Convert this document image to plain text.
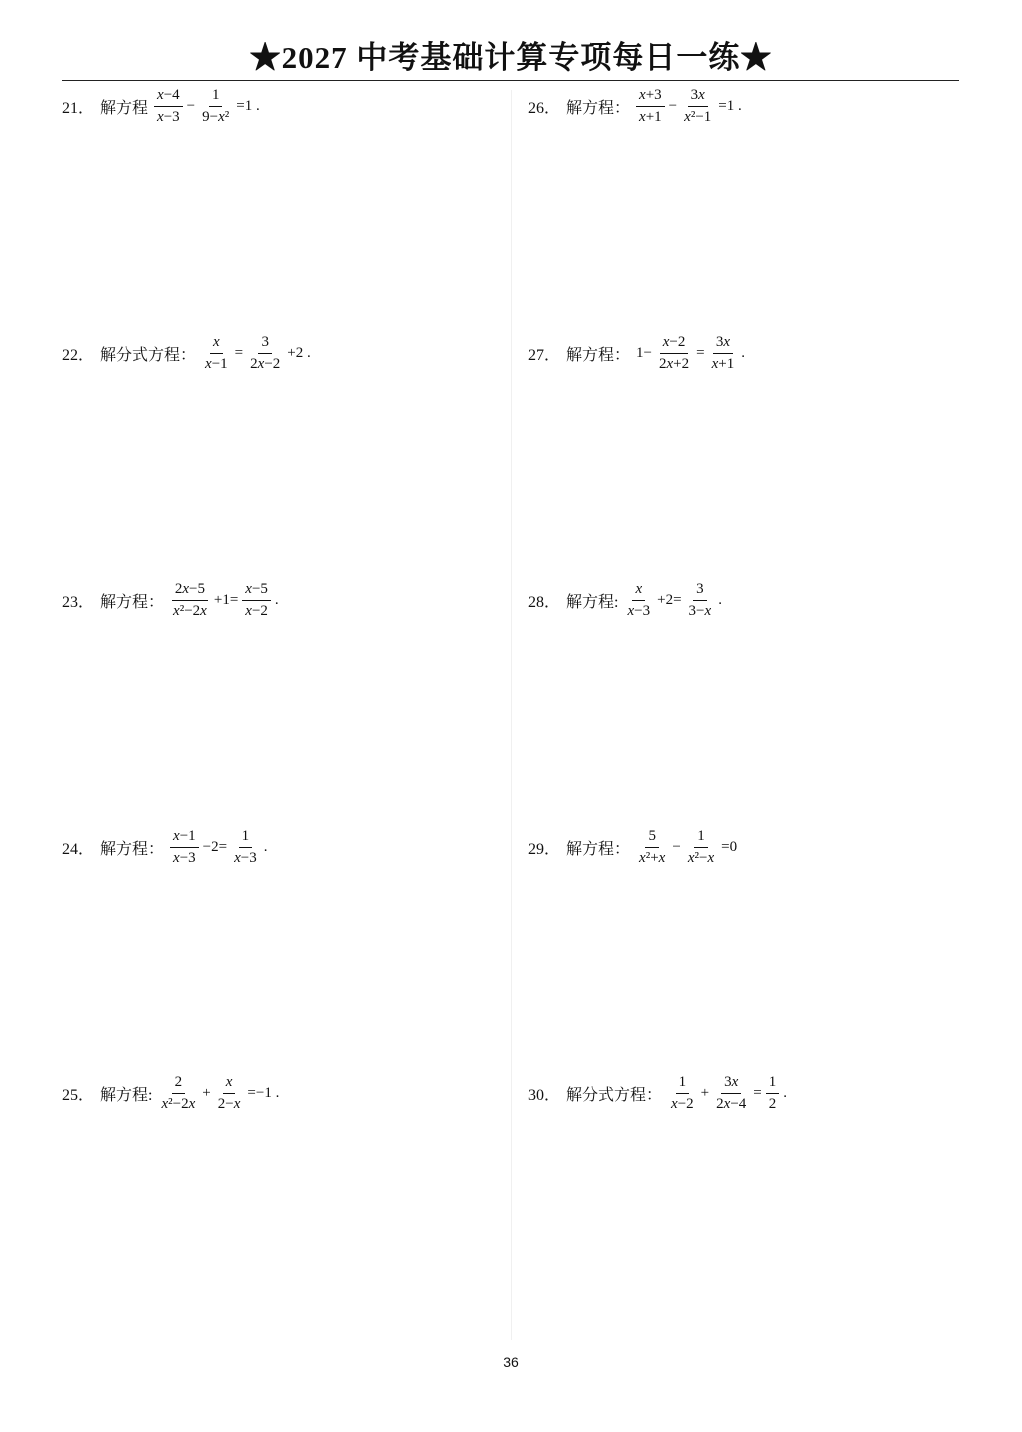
★2027 中考基础计算专项每日一练★
21． 解方程 $\frac{x-4}{x-3} - \frac{1}{\text{9−x²}} =1$ .
22． 解分式方程： $\frac{x}{x-1} = \frac{3}{2x-2} +2$ .
23． 解方程： $\frac{2x-5}{\text{x²−2x}} +1= \frac{x-5}{x-2}$ .
24． 解方程： $\frac{x-1}{x-3} -2= \frac{1}{x-3}$ .
25． 解方程: $\frac{2}{\text{x²−2x}} + \frac{x}{2-x} =-1$ .
26． 解方程： $\frac{x+3}{x+1} - \frac{3x}{\text{x²−1}} =1$ .
27． 解方程： $1- \frac{x-2}{2x+2} = \frac{3x}{x+1}$ .
28． 解方程: $\frac{x}{x-3} +2= \frac{3}{3-x}$ .
29． 解方程： $\frac{5}{\text{x²+x}} - \frac{1}{\text{x²−x}} =0$
30． 解分式方程： $\frac{1}{x-2} + \frac{3x}{2x-4} = \frac{1}{2}$ .
36
